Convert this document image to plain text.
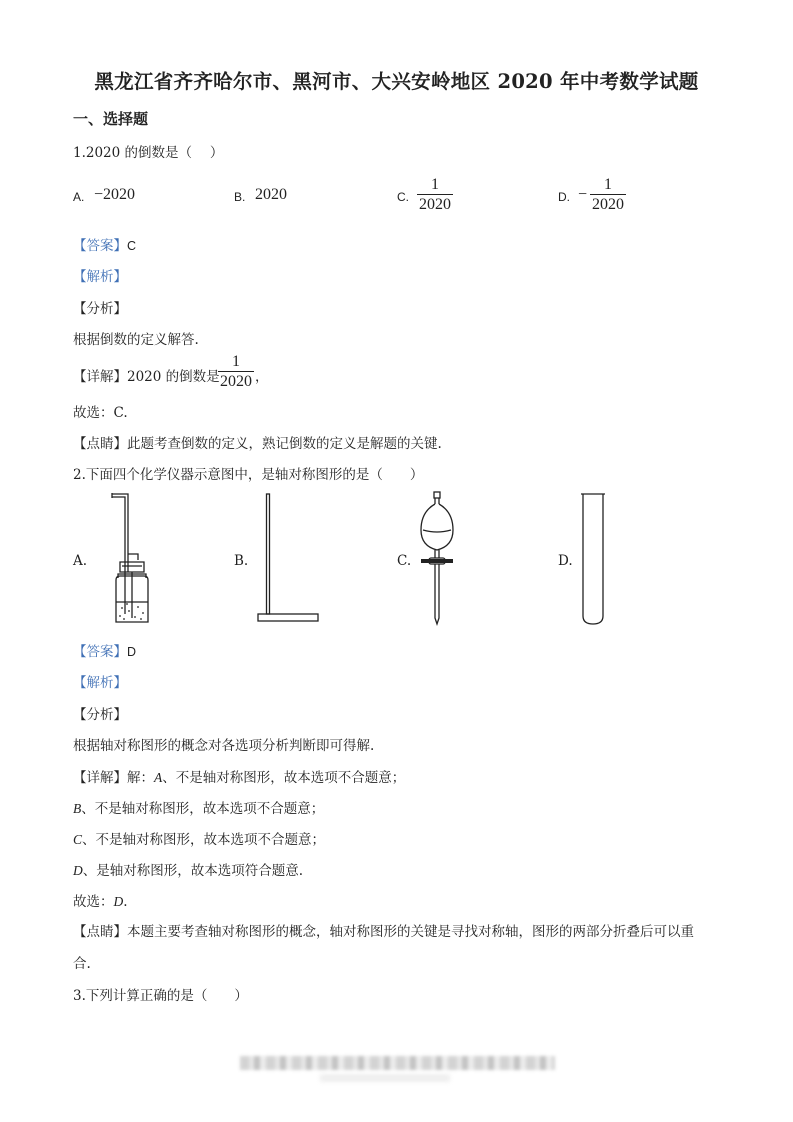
黑龙江省齐齐哈尔市、黑河市、大兴安岭地区 2020 年中考数学试题
一、选择题
1.2020 的倒数是（　 ）
A. −2020	B. 2020	C.
1
2020	D. −
1
2020
【答案】C
【解析】
【分析】
根据倒数的定义解答.
【详解】2020 的倒数是
1
2020 ，
故选：C.
【点睛】此题考查倒数的定义，熟记倒数的定义是解题的关键.
2.下面四个化学仪器示意图中，是轴对称图形的是（　　）
A.	B.	C.	D.
【答案】D
【解析】
【分析】
根据轴对称图形的概念对各选项分析判断即可得解.
【详解】解：A、不是轴对称图形，故本选项不合题意；
B、不是轴对称图形，故本选项不合题意；
C、不是轴对称图形，故本选项不合题意；
D、是轴对称图形，故本选项符合题意.
故选：D.
【点睛】本题主要考查轴对称图形的概念，轴对称图形的关键是寻找对称轴，图形的两部分折叠后可以重
合.
3.下列计算正确的是（　　）
